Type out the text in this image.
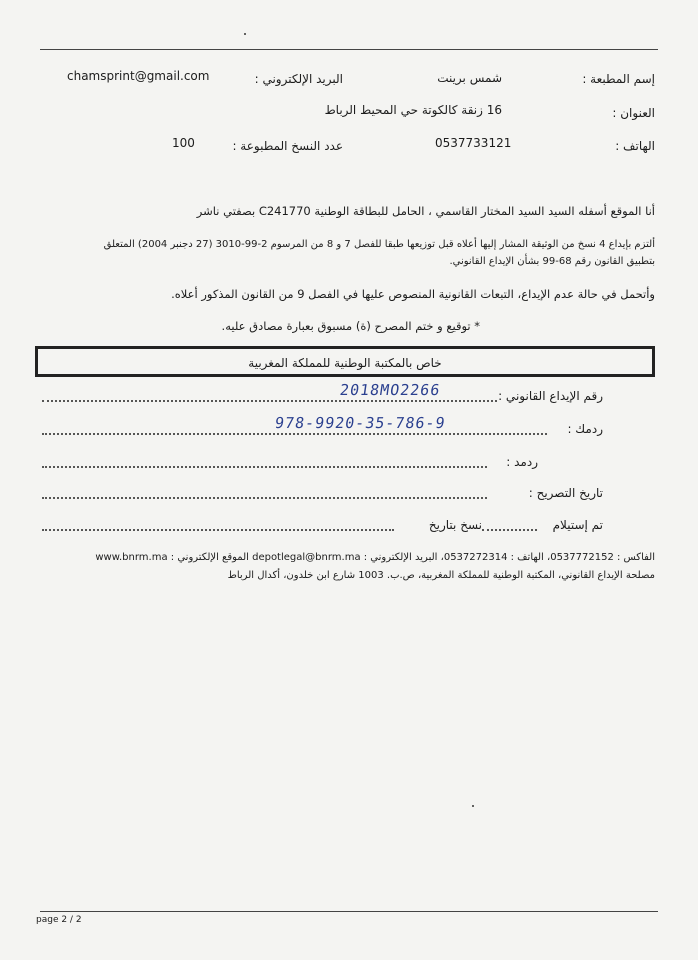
إسم المطبعة :
شمس برينت
البريد الإلكتروني :
chamsprint@gmail.com
العنوان :
16 زنقة كالكوتة حي المحيط الرباط
الهاتف :
0537733121
عدد النسخ المطبوعة :
100
أنا الموقع أسفله السيد السيد المختار القاسمي ، الحامل للبطاقة الوطنية C241770 بصفتي ناشر
ألتزم بإيداع 4 نسخ من الوثيقة المشار إليها أعلاه قبل توزيعها طبقا للفصل 7 و 8 من المرسوم 2-99-3010 (27 دجنبر 2004) المتعلق
بتطبيق القانون رقم 68-99 بشأن الإيداع القانوني.
وأتحمل في حالة عدم الإيداع، التبعات القانونية المنصوص عليها في الفصل 9 من القانون المذكور أعلاه.
* توقيع و ختم المصرح (ة) مسبوق بعبارة مصادق عليه.
خاص بالمكتبة الوطنية للمملكة المغربية
رقم الإيداع القانوني :
2018MO2266
ردمك :
978-9920-35-786-9
ردمد :
تاريخ التصريح :
تم إستيلام
نسخ بتاريخ
الفاكس : 0537772152، الهاتف : 0537272314، البريد الإلكتروني : depotlegal@bnrm.ma الموقع الإلكتروني : www.bnrm.ma
مصلحة الإيداع القانوني، المكتبة الوطنية للمملكة المغربية، ص.ب. 1003 شارع ابن خلدون، أكدال الرباط
page 2 / 2
